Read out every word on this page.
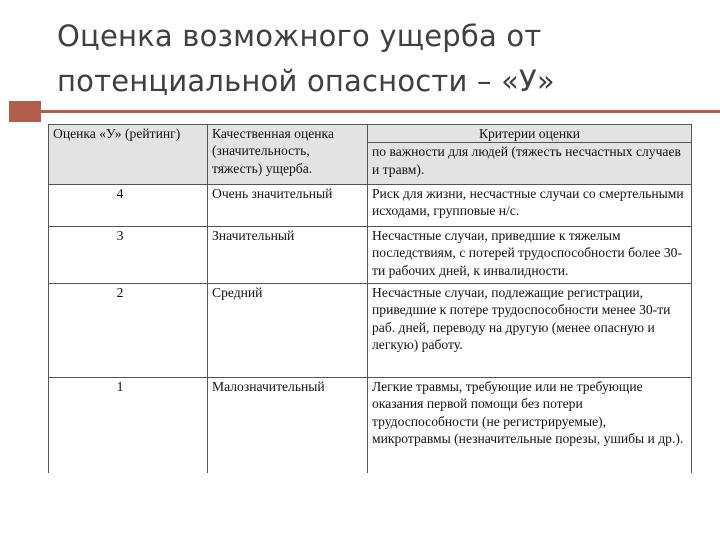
Оценка возможного ущерба от потенциальной опасности – «У»
Оценка «У» (рейтинг)	Качественная оценка (значительность, тяжесть) ущерба.	Критерии оценки
по важности для людей (тяжесть несчастных случаев и травм).

4	Очень значительный	Риск для жизни, несчастные случаи со смертельными исходами, групповые н/с.
3	Значительный	Несчастные случаи, приведшие к тяжелым последствиям, с потерей трудоспособности более 30-ти рабочих дней, к инвалидности.
2	Средний	Несчастные случаи, подлежащие регистрации, приведшие к потере трудоспособности менее 30-ти раб. дней, переводу на другую (менее опасную и легкую) работу.
1	Малозначительный	Легкие травмы, требующие или не требующие оказания первой помощи без потери трудоспособности (не регистрируемые), микротравмы (незначительные порезы, ушибы и др.).
